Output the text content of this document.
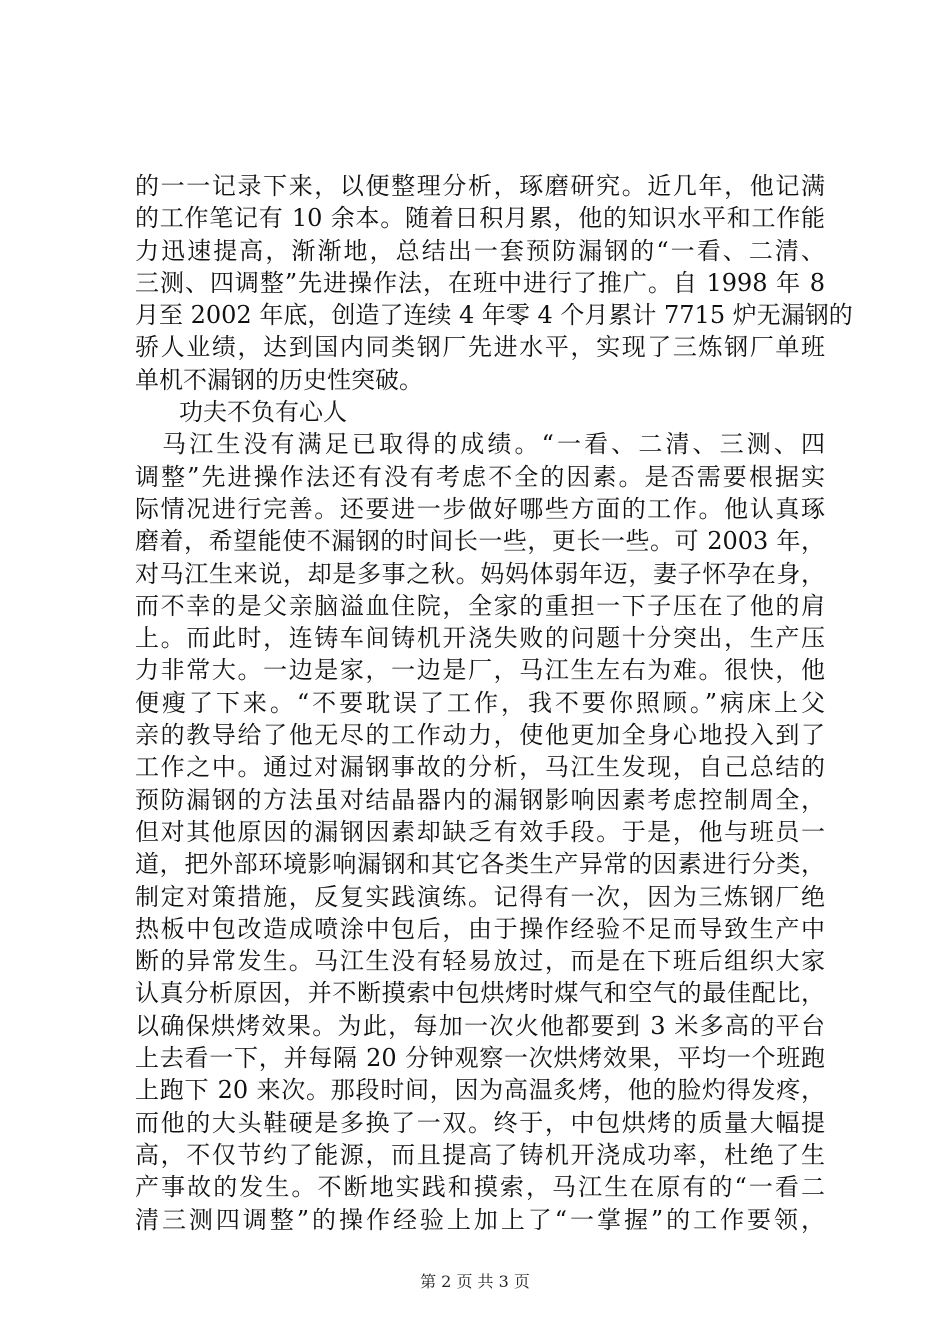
的一一记录下来，以便整理分析，琢磨研究。近几年，他记满
的工作笔记有 10 余本。随着日积月累，他的知识水平和工作能
力迅速提高，渐渐地，总结出一套预防漏钢的“一看、二清、
三测、四调整”先进操作法，在班中进行了推广。自 1998 年 8
月至 2002 年底，创造了连续 4 年零 4 个月累计 7715 炉无漏钢的
骄人业绩，达到国内同类钢厂先进水平，实现了三炼钢厂单班
单机不漏钢的历史性突破。
功夫不负有心人
　马江生没有满足已取得的成绩。“一看、二清、三测、四
调整”先进操作法还有没有考虑不全的因素。是否需要根据实
际情况进行完善。还要进一步做好哪些方面的工作。他认真琢
磨着，希望能使不漏钢的时间长一些，更长一些。可 2003 年，
对马江生来说，却是多事之秋。妈妈体弱年迈，妻子怀孕在身，
而不幸的是父亲脑溢血住院，全家的重担一下子压在了他的肩
上。而此时，连铸车间铸机开浇失败的问题十分突出，生产压
力非常大。一边是家，一边是厂，马江生左右为难。很快，他
便瘦了下来。“不要耽误了工作，我不要你照顾。”病床上父
亲的教导给了他无尽的工作动力，使他更加全身心地投入到了
工作之中。通过对漏钢事故的分析，马江生发现，自己总结的
预防漏钢的方法虽对结晶器内的漏钢影响因素考虑控制周全，
但对其他原因的漏钢因素却缺乏有效手段。于是，他与班员一
道，把外部环境影响漏钢和其它各类生产异常的因素进行分类，
制定对策措施，反复实践演练。记得有一次，因为三炼钢厂绝
热板中包改造成喷涂中包后，由于操作经验不足而导致生产中
断的异常发生。马江生没有轻易放过，而是在下班后组织大家
认真分析原因，并不断摸索中包烘烤时煤气和空气的最佳配比，
以确保烘烤效果。为此，每加一次火他都要到 3 米多高的平台
上去看一下，并每隔 20 分钟观察一次烘烤效果，平均一个班跑
上跑下 20 来次。那段时间，因为高温炙烤，他的脸灼得发疼，
而他的大头鞋硬是多换了一双。终于，中包烘烤的质量大幅提
高，不仅节约了能源，而且提高了铸机开浇成功率，杜绝了生
产事故的发生。不断地实践和摸索，马江生在原有的“一看二
清三测四调整”的操作经验上加上了“一掌握”的工作要领，
第 2 页 共 3 页
